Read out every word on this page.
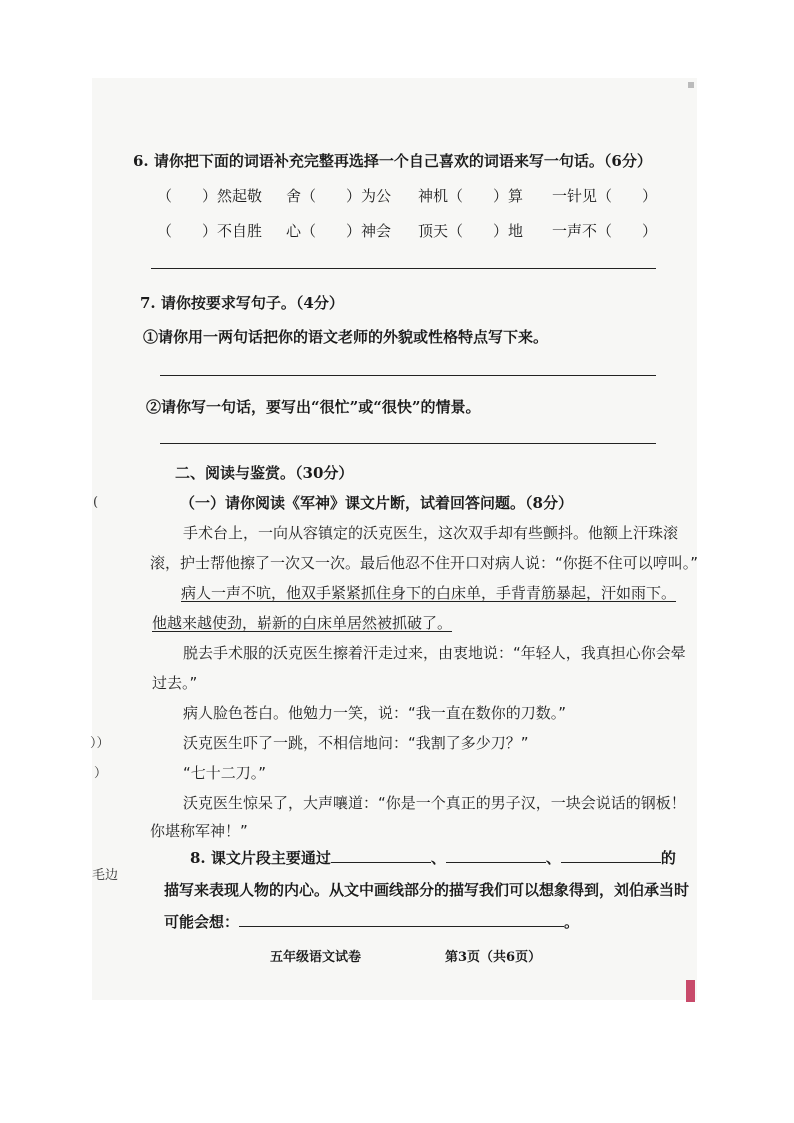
6. 请你把下面的词语补充完整再选择一个自己喜欢的词语来写一句话。（6分）
（　　）然起敬 舍（　　）为公 神机（　　）算 一针见（　　）
（　　）不自胜 心（　　）神会 顶天（　　）地 一声不（　　）
7. 请你按要求写句子。（4分）
①请你用一两句话把你的语文老师的外貌或性格特点写下来。
②请你写一句话，要写出“很忙”或“很快”的情景。
二、阅读与鉴赏。（30分）
（一）请你阅读《军神》课文片断，试着回答问题。（8分）
手术台上，一向从容镇定的沃克医生，这次双手却有些颤抖。他额上汗珠滚
滚，护士帮他擦了一次又一次。最后他忍不住开口对病人说：“你挺不住可以哼叫。”
病人一声不吭，他双手紧紧抓住身下的白床单，手背青筋暴起，汗如雨下。
他越来越使劲，崭新的白床单居然被抓破了。
脱去手术服的沃克医生擦着汗走过来，由衷地说：“年轻人，我真担心你会晕
过去。”
病人脸色苍白。他勉力一笑，说：“我一直在数你的刀数。”
沃克医生吓了一跳，不相信地问：“我割了多少刀？”
“七十二刀。”
沃克医生惊呆了，大声嚷道：“你是一个真正的男子汉，一块会说话的钢板！
你堪称军神！”
8. 课文片段主要通过	、	、	的
描写来表现人物的内心。从文中画线部分的描写我们可以想象得到，刘伯承当时
可能会想：	。
五年级语文试卷	第3页（共6页）
(
））
）
毛边
